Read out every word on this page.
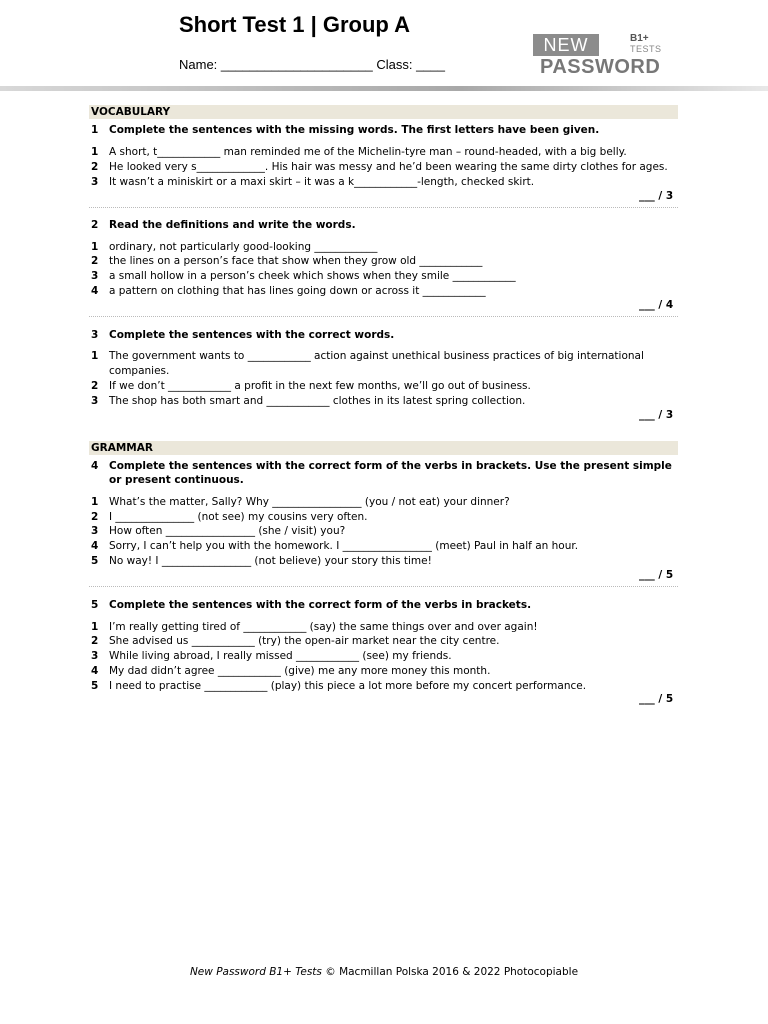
Short Test 1 | Group A
Name: _____________________ Class: ____
NEW	B1+
TESTS
PASSWORD
VOCABULARY
1 Complete the sentences with the missing words. The first letters have been given.
1 A short, t____________ man reminded me of the Michelin-tyre man – round-headed, with a big belly.
2 He looked very s_____________. His hair was messy and he’d been wearing the same dirty clothes for ages.
3 It wasn’t a miniskirt or a maxi skirt – it was a k____________-length, checked skirt.
___ / 3
2 Read the definitions and write the words.
1 ordinary, not particularly good-looking ____________
2 the lines on a person’s face that show when they grow old ____________
3 a small hollow in a person’s cheek which shows when they smile ____________
4 a pattern on clothing that has lines going down or across it ____________
___ / 4
3 Complete the sentences with the correct words.
1 The government wants to ____________ action against unethical business practices of big international
companies.
2 If we don’t ____________ a profit in the next few months, we’ll go out of business.
3 The shop has both smart and ____________ clothes in its latest spring collection.
___ / 3
GRAMMAR
4 Complete the sentences with the correct form of the verbs in brackets. Use the present simple
or present continuous.
1 What’s the matter, Sally? Why _________________ (you / not eat) your dinner?
2 I _______________ (not see) my cousins very often.
3 How often _________________ (she / visit) you?
4 Sorry, I can’t help you with the homework. I _________________ (meet) Paul in half an hour.
5 No way! I _________________ (not believe) your story this time!
___ / 5
5 Complete the sentences with the correct form of the verbs in brackets.
1 I’m really getting tired of ____________ (say) the same things over and over again!
2 She advised us ____________ (try) the open-air market near the city centre.
3 While living abroad, I really missed ____________ (see) my friends.
4 My dad didn’t agree ____________ (give) me any more money this month.
5 I need to practise ____________ (play) this piece a lot more before my concert performance.
___ / 5
New Password B1+ Tests © Macmillan Polska 2016 & 2022 Photocopiable
